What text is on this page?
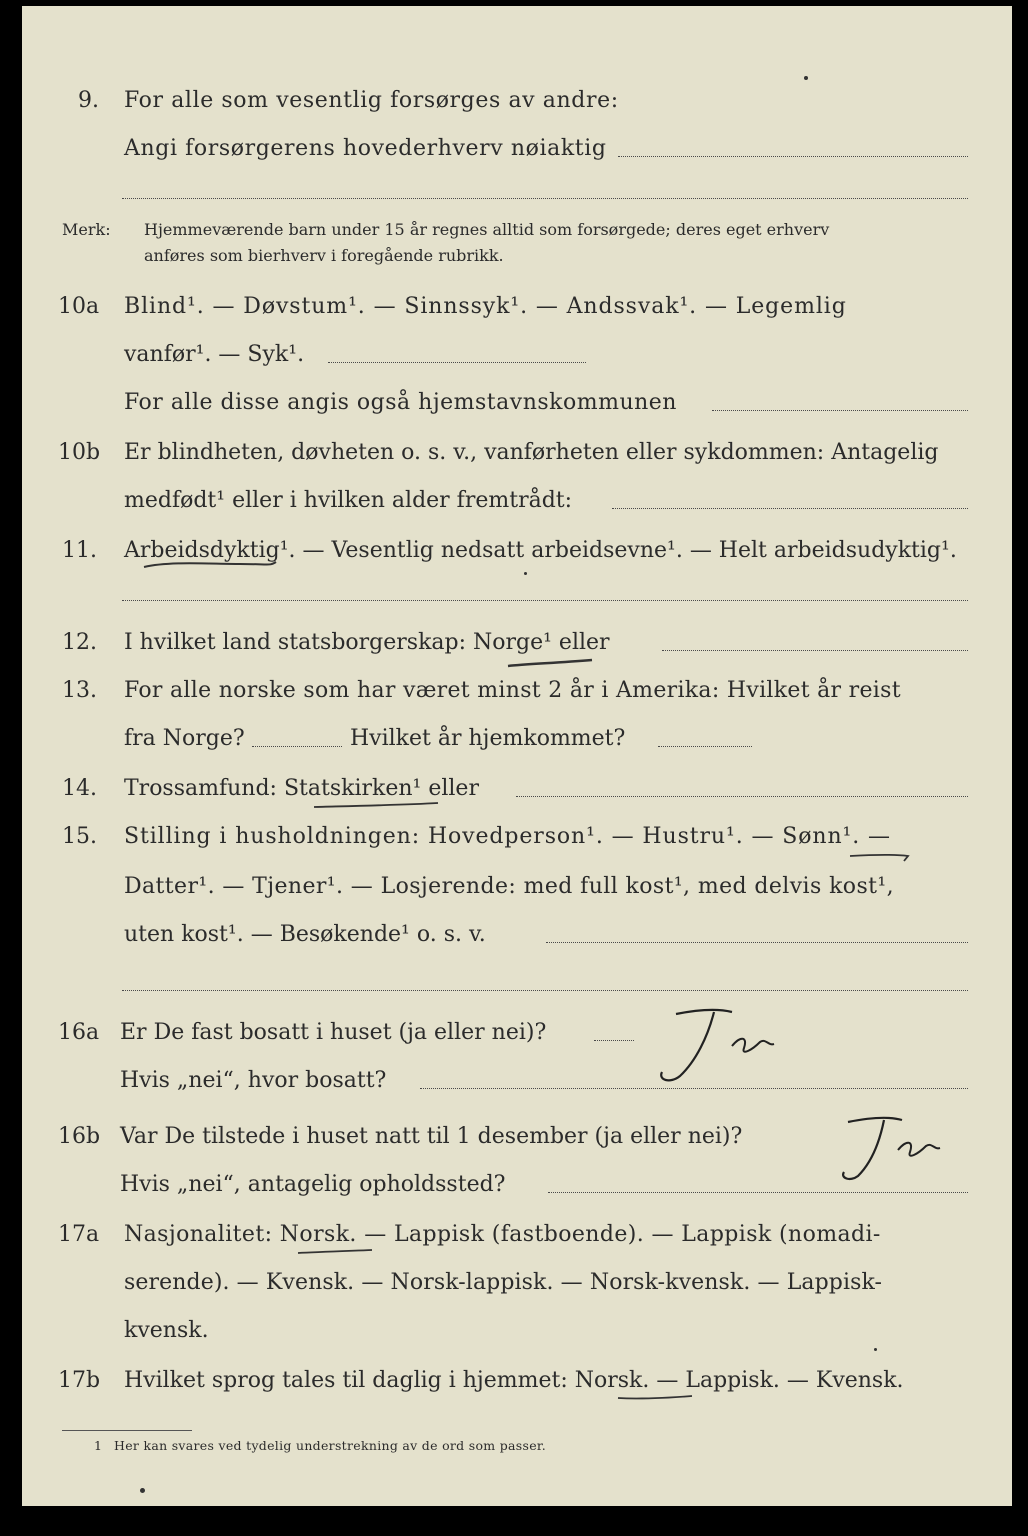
9. For alle som vesentlig forsørges av andre:
Angi forsørgerens hovederhverv nøiaktig
Merk: Hjemmeværende barn under 15 år regnes alltid som forsørgede; deres eget erhverv
anføres som bierhverv i foregående rubrikk.
10a Blind¹. — Døvstum¹. — Sinnssyk¹. — Andssvak¹. — Legemlig
vanfør¹. — Syk¹.
For alle disse angis også hjemstavnskommunen
10b Er blindheten, døvheten o. s. v., vanførheten eller sykdommen: Antagelig
medfødt¹ eller i hvilken alder fremtrådt:
11. Arbeidsdyktig¹. — Vesentlig nedsatt arbeidsevne¹. — Helt arbeidsudyktig¹.
12. I hvilket land statsborgerskap: Norge¹ eller
13. For alle norske som har været minst 2 år i Amerika: Hvilket år reist
fra Norge?	Hvilket år hjemkommet?
14. Trossamfund: Statskirken¹ eller
15. Stilling i husholdningen: Hovedperson¹. — Hustru¹. — Sønn¹. —
Datter¹. — Tjener¹. — Losjerende: med full kost¹, med delvis kost¹,
uten kost¹. — Besøkende¹ o. s. v.
16a Er De fast bosatt i huset (ja eller nei)?
Hvis „nei“, hvor bosatt?
16b Var De tilstede i huset natt til 1 desember (ja eller nei)?
Hvis „nei“, antagelig opholdssted?
17a Nasjonalitet: Norsk. — Lappisk (fastboende). — Lappisk (nomadi-
serende). — Kvensk. — Norsk-lappisk. — Norsk-kvensk. — Lappisk-
kvensk.
17b Hvilket sprog tales til daglig i hjemmet: Norsk. — Lappisk. — Kvensk.
1 Her kan svares ved tydelig understrekning av de ord som passer.
